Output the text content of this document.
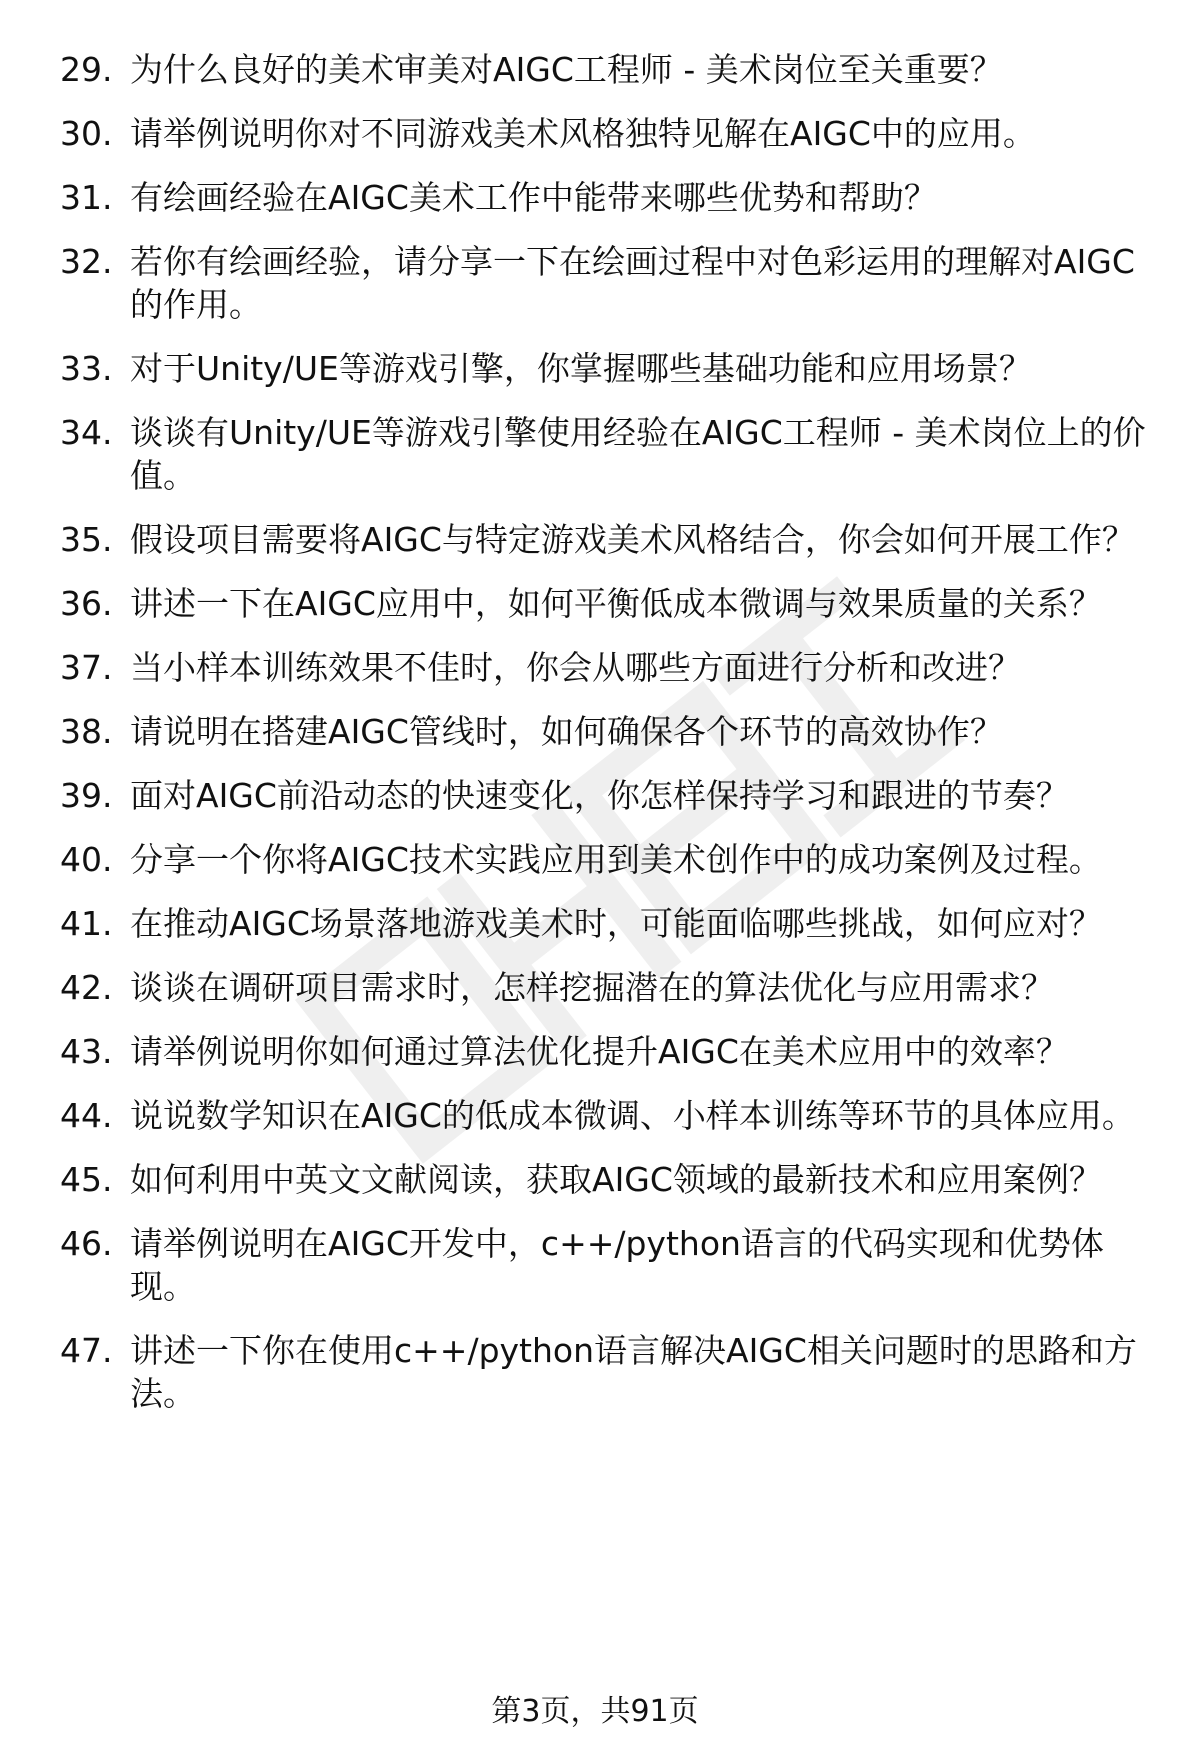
29. 为什么良好的美术审美对AIGC工程师 - 美术岗位至关重要？
30. 请举例说明你对不同游戏美术风格独特见解在AIGC中的应用。
31. 有绘画经验在AIGC美术工作中能带来哪些优势和帮助？
32. 若你有绘画经验，请分享一下在绘画过程中对色彩运用的理解对AIGC的作用。
33. 对于Unity/UE等游戏引擎，你掌握哪些基础功能和应用场景？
34. 谈谈有Unity/UE等游戏引擎使用经验在AIGC工程师 - 美术岗位上的价值。
35. 假设项目需要将AIGC与特定游戏美术风格结合，你会如何开展工作？
36. 讲述一下在AIGC应用中，如何平衡低成本微调与效果质量的关系？
37. 当小样本训练效果不佳时，你会从哪些方面进行分析和改进？
38. 请说明在搭建AIGC管线时，如何确保各个环节的高效协作？
39. 面对AIGC前沿动态的快速变化，你怎样保持学习和跟进的节奏？
40. 分享一个你将AIGC技术实践应用到美术创作中的成功案例及过程。
41. 在推动AIGC场景落地游戏美术时，可能面临哪些挑战，如何应对？
42. 谈谈在调研项目需求时，怎样挖掘潜在的算法优化与应用需求？
43. 请举例说明你如何通过算法优化提升AIGC在美术应用中的效率？
44. 说说数学知识在AIGC的低成本微调、小样本训练等环节的具体应用。
45. 如何利用中英文文献阅读，获取AIGC领域的最新技术和应用案例？
46. 请举例说明在AIGC开发中，c++/python语言的代码实现和优势体现。
47. 讲述一下你在使用c++/python语言解决AIGC相关问题时的思路和方法。
第3页，共91页
